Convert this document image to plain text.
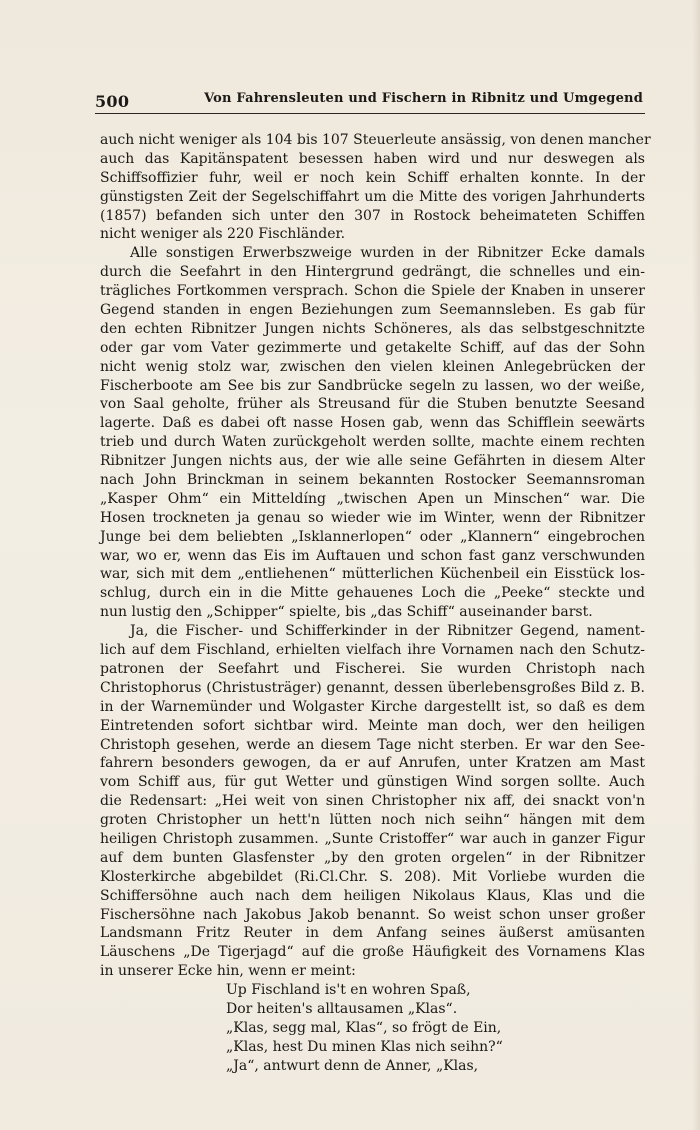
500	Von Fahrensleuten und Fischern in Ribnitz und Umgegend
auch nicht weniger als 104 bis 107 Steuerleute ansässig, von denen mancher
auch das Kapitänspatent besessen haben wird und nur deswegen als
Schiffsoffizier fuhr, weil er noch kein Schiff erhalten konnte. In der
günstigsten Zeit der Segelschiffahrt um die Mitte des vorigen Jahrhunderts
(1857) befanden sich unter den 307 in Rostock beheimateten Schiffen
nicht weniger als 220 Fischländer.
Alle sonstigen Erwerbszweige wurden in der Ribnitzer Ecke damals
durch die Seefahrt in den Hintergrund gedrängt, die schnelles und ein-
trägliches Fortkommen versprach. Schon die Spiele der Knaben in unserer
Gegend standen in engen Beziehungen zum Seemannsleben. Es gab für
den echten Ribnitzer Jungen nichts Schöneres, als das selbstgeschnitzte
oder gar vom Vater gezimmerte und getakelte Schiff, auf das der Sohn
nicht wenig stolz war, zwischen den vielen kleinen Anlegebrücken der
Fischerboote am See bis zur Sandbrücke segeln zu lassen, wo der weiße,
von Saal geholte, früher als Streusand für die Stuben benutzte Seesand
lagerte. Daß es dabei oft nasse Hosen gab, wenn das Schifflein seewärts
trieb und durch Waten zurückgeholt werden sollte, machte einem rechten
Ribnitzer Jungen nichts aus, der wie alle seine Gefährten in diesem Alter
nach John Brinckman in seinem bekannten Rostocker Seemannsroman
„Kasper Ohm“ ein Mitteldíng „twischen Apen un Minschen“ war. Die
Hosen trockneten ja genau so wieder wie im Winter, wenn der Ribnitzer
Junge bei dem beliebten „Isklannerlopen“ oder „Klannern“ eingebrochen
war, wo er, wenn das Eis im Auftauen und schon fast ganz verschwunden
war, sich mit dem „entliehenen“ mütterlichen Küchenbeil ein Eisstück los-
schlug, durch ein in die Mitte gehauenes Loch die „Peeke“ steckte und
nun lustig den „Schipper“ spielte, bis „das Schiff“ auseinander barst.
Ja, die Fischer- und Schifferkinder in der Ribnitzer Gegend, nament-
lich auf dem Fischland, erhielten vielfach ihre Vornamen nach den Schutz-
patronen der Seefahrt und Fischerei. Sie wurden Christoph nach
Christophorus (Christusträger) genannt, dessen überlebensgroßes Bild z. B.
in der Warnemünder und Wolgaster Kirche dargestellt ist, so daß es dem
Eintretenden sofort sichtbar wird. Meinte man doch, wer den heiligen
Christoph gesehen, werde an diesem Tage nicht sterben. Er war den See-
fahrern besonders gewogen, da er auf Anrufen, unter Kratzen am Mast
vom Schiff aus, für gut Wetter und günstigen Wind sorgen sollte. Auch
die Redensart: „Hei weit von sinen Christopher nix aff, dei snackt von'n
groten Christopher un hett'n lütten noch nich seihn“ hängen mit dem
heiligen Christoph zusammen. „Sunte Cristoffer“ war auch in ganzer Figur
auf dem bunten Glasfenster „by den groten orgelen“ in der Ribnitzer
Klosterkirche abgebildet (Ri.Cl.Chr. S. 208). Mit Vorliebe wurden die
Schiffersöhne auch nach dem heiligen Nikolaus Klaus, Klas und die
Fischersöhne nach Jakobus Jakob benannt. So weist schon unser großer
Landsmann Fritz Reuter in dem Anfang seines äußerst amüsanten
Läuschens „De Tigerjagd“ auf die große Häufigkeit des Vornamens Klas
in unserer Ecke hin, wenn er meint:
Up Fischland is't en wohren Spaß,
Dor heiten's alltausamen „Klas“.
„Klas, segg mal, Klas“, so frögt de Ein,
„Klas, hest Du minen Klas nich seihn?“
„Ja“, antwurt denn de Anner, „Klas,
